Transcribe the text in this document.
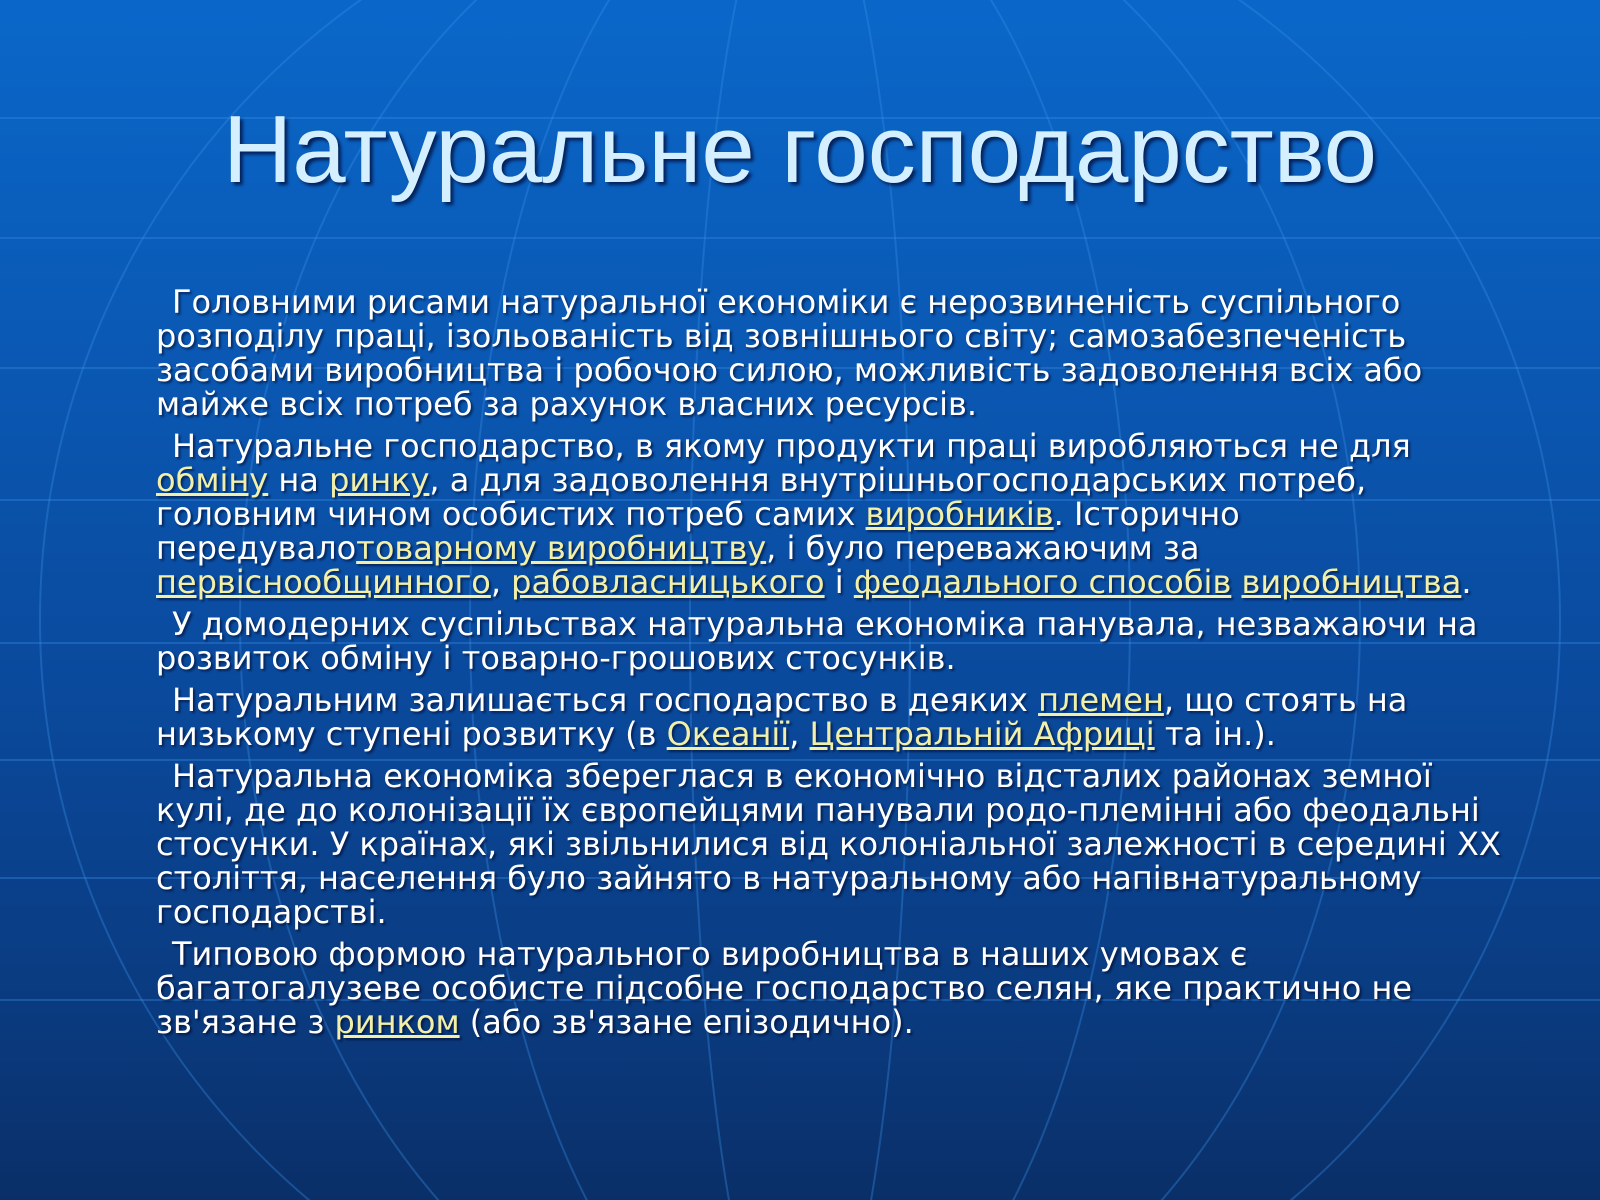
Натуральне господарство

Головними рисами натуральної економіки є нерозвиненість суспільного розподілу праці, ізольованість від зовнішнього світу; самозабезпеченість засобами виробництва і робочою силою, можливість задоволення всіх або майже всіх потреб за рахунок власних ресурсів.

Натуральне господарство, в якому продукти праці виробляються не для обміну на ринку, а для задоволення внутрішньогосподарських потреб, головним чином особистих потреб самих виробників. Історично передувалотоварному виробництву, і було переважаючим за первіснообщинного, рабовласницького і феодального способів виробництва.

У домодерних суспільствах натуральна економіка панувала, незважаючи на розвиток обміну і товарно-грошових стосунків.

Натуральним залишається господарство в деяких племен, що стоять на низькому ступені розвитку (в Океанії, Центральній Африці та ін.).

Натуральна економіка збереглася в економічно відсталих районах земної кулі, де до колонізації їх європейцями панували родо-племінні або феодальні стосунки. У країнах, які звільнилися від колоніальної залежності в середині XX століття, населення було зайнято в натуральному або напівнатуральному господарстві.

Типовою формою натурального виробництва в наших умовах є багатогалузеве особисте підсобне господарство селян, яке практично не зв'язане з ринком (або зв'язане епізодично).
